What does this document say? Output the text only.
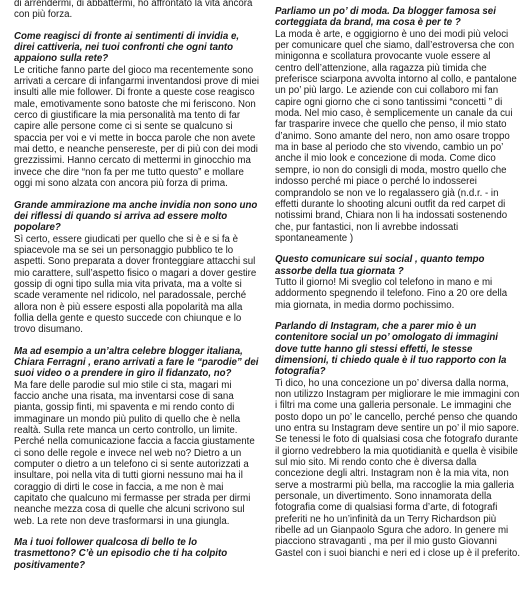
di arrendermi, di abbattermi, ho affrontato la vita ancora con più forza.

Come reagisci di fronte ai sentimenti di invidia e, direi cattiveria, nei tuoi confronti che ogni tanto appaiono sulla rete?

Le critiche fanno parte del gioco ma recentemente sono arrivati a cercare di infangarmi inventandosi prove di miei insulti alle mie follower. Di fronte a queste cose reagisco male, emotivamente sono batoste che mi feriscono. Non cerco di giustificare la mia personalità ma tento di far capire alle persone come ci si sente se qualcuno si spaccia per voi e vi mette in bocca parole che non avete mai detto, e neanche pensereste, per di più con dei modi grezzissimi. Hanno cercato di mettermi in ginocchio ma invece che dire “non fa per me tutto questo” e mollare oggi mi sono alzata con ancora più forza di prima.

Grande ammirazione ma anche invidia non sono uno dei riflessi di quando si arriva ad essere molto popolare?

Sì certo, essere giudicati per quello che si è e si fa è spiacevole ma se sei un personaggio pubblico te lo aspetti. Sono preparata a dover fronteggiare attacchi sul mio carattere, sull’aspetto fisico o magari a dover gestire gossip di ogni tipo sulla mia vita privata, ma a volte si scade veramente nel ridicolo, nel paradossale, perché allora non è più essere esposti alla popolarità ma alla follia della gente e questo succede con chiunque e lo trovo disumano.

Ma ad esempio a un’altra celebre blogger italiana, Chiara Ferragni , erano arrivati a fare le “parodie” dei suoi video o a prendere in giro il fidanzato, no?

Ma fare delle parodie sul mio stile ci sta, magari mi faccio anche una risata, ma inventarsi cose di sana pianta, gossip finti, mi spaventa e mi rendo conto di immaginare un mondo più pulito di quello che è nella realtà. Sulla rete manca un certo controllo, un limite. Perché nella comunicazione faccia a faccia giustamente ci sono delle regole e invece nel web no? Dietro a un computer o dietro a un telefono ci si sente autorizzati a insultare, poi nella vita di tutti giorni nessuno mai ha il coraggio di dirti le cose in faccia, a me non è mai capitato che qualcuno mi fermasse per strada per dirmi neanche mezza cosa di quelle che alcuni scrivono sul web. La rete non deve trasformarsi in una giungla.

Ma i tuoi follower qualcosa di bello te lo trasmettono? C’è un episodio che ti ha colpito positivamente?

Parliamo un po’ di moda. Da blogger famosa sei corteggiata da brand, ma cosa è per te ?

La moda è arte, e oggigiorno è uno dei modi più veloci per comunicare quel che siamo, dall’estroversa che con minigonna e scollatura provocante vuole essere al centro dell’attenzione, alla ragazza più timida che preferisce sciarpona avvolta intorno al collo, e pantalone un po’ più largo. Le aziende con cui collaboro mi fan capire ogni giorno che ci sono tantissimi “concetti ” di moda. Nel mio caso, è semplicemente un canale da cui far trasparire invece che quello che penso, il mio stato d’animo. Sono amante del nero, non amo osare troppo ma in base al periodo che sto vivendo, cambio un po’ anche il mio look e concezione di moda. Come dico sempre, io non do consigli di moda, mostro quello che indosso perché mi piace o perché lo indosserei comprandolo se non ve lo regalassero già (n.d.r. - in effetti durante lo shooting alcuni outfit da red carpet di notissimi brand, Chiara non li ha indossati sostenendo che, pur fantastici, non li avrebbe indossati spontaneamente )

Questo comunicare sui social , quanto tempo assorbe della tua giornata ?

Tutto il giorno! Mi sveglio col telefono in mano e mi addormento spegnendo il telefono. Fino a 20 ore della mia giornata, in media dormo pochissimo.

Parlando di Instagram, che a parer mio è un contenitore social un po’ omologato di immagini dove tutte hanno gli stessi effetti, le stesse dimensioni, ti chiedo quale è il tuo rapporto con la fotografia?

Ti dico, ho una concezione un po’ diversa dalla norma, non utilizzo Instagram per migliorare le mie immagini con i filtri ma come una galleria personale. Le immagini che posto dopo un po’ le cancello, perché penso che quando uno entra su Instagram deve sentire un po’ il mio sapore. Se tenessi le foto di qualsiasi cosa che fotografo durante il giorno vedrebbero la mia quotidianità e quella è visibile sul mio sito. Mi rendo conto che è diversa dalla concezione degli altri. Instagram non è la mia vita, non serve a mostrarmi più bella, ma raccoglie la mia galleria personale, un divertimento. Sono innamorata della fotografia come di qualsiasi forma d’arte, di fotografi preferiti ne ho un’infinità da un Terry Richardson più ribelle ad un Gianpaolo Sgura che adoro. In genere mi piacciono stravaganti , ma per il mio gusto Giovanni Gastel con i suoi bianchi e neri ed i close up è il preferito.
